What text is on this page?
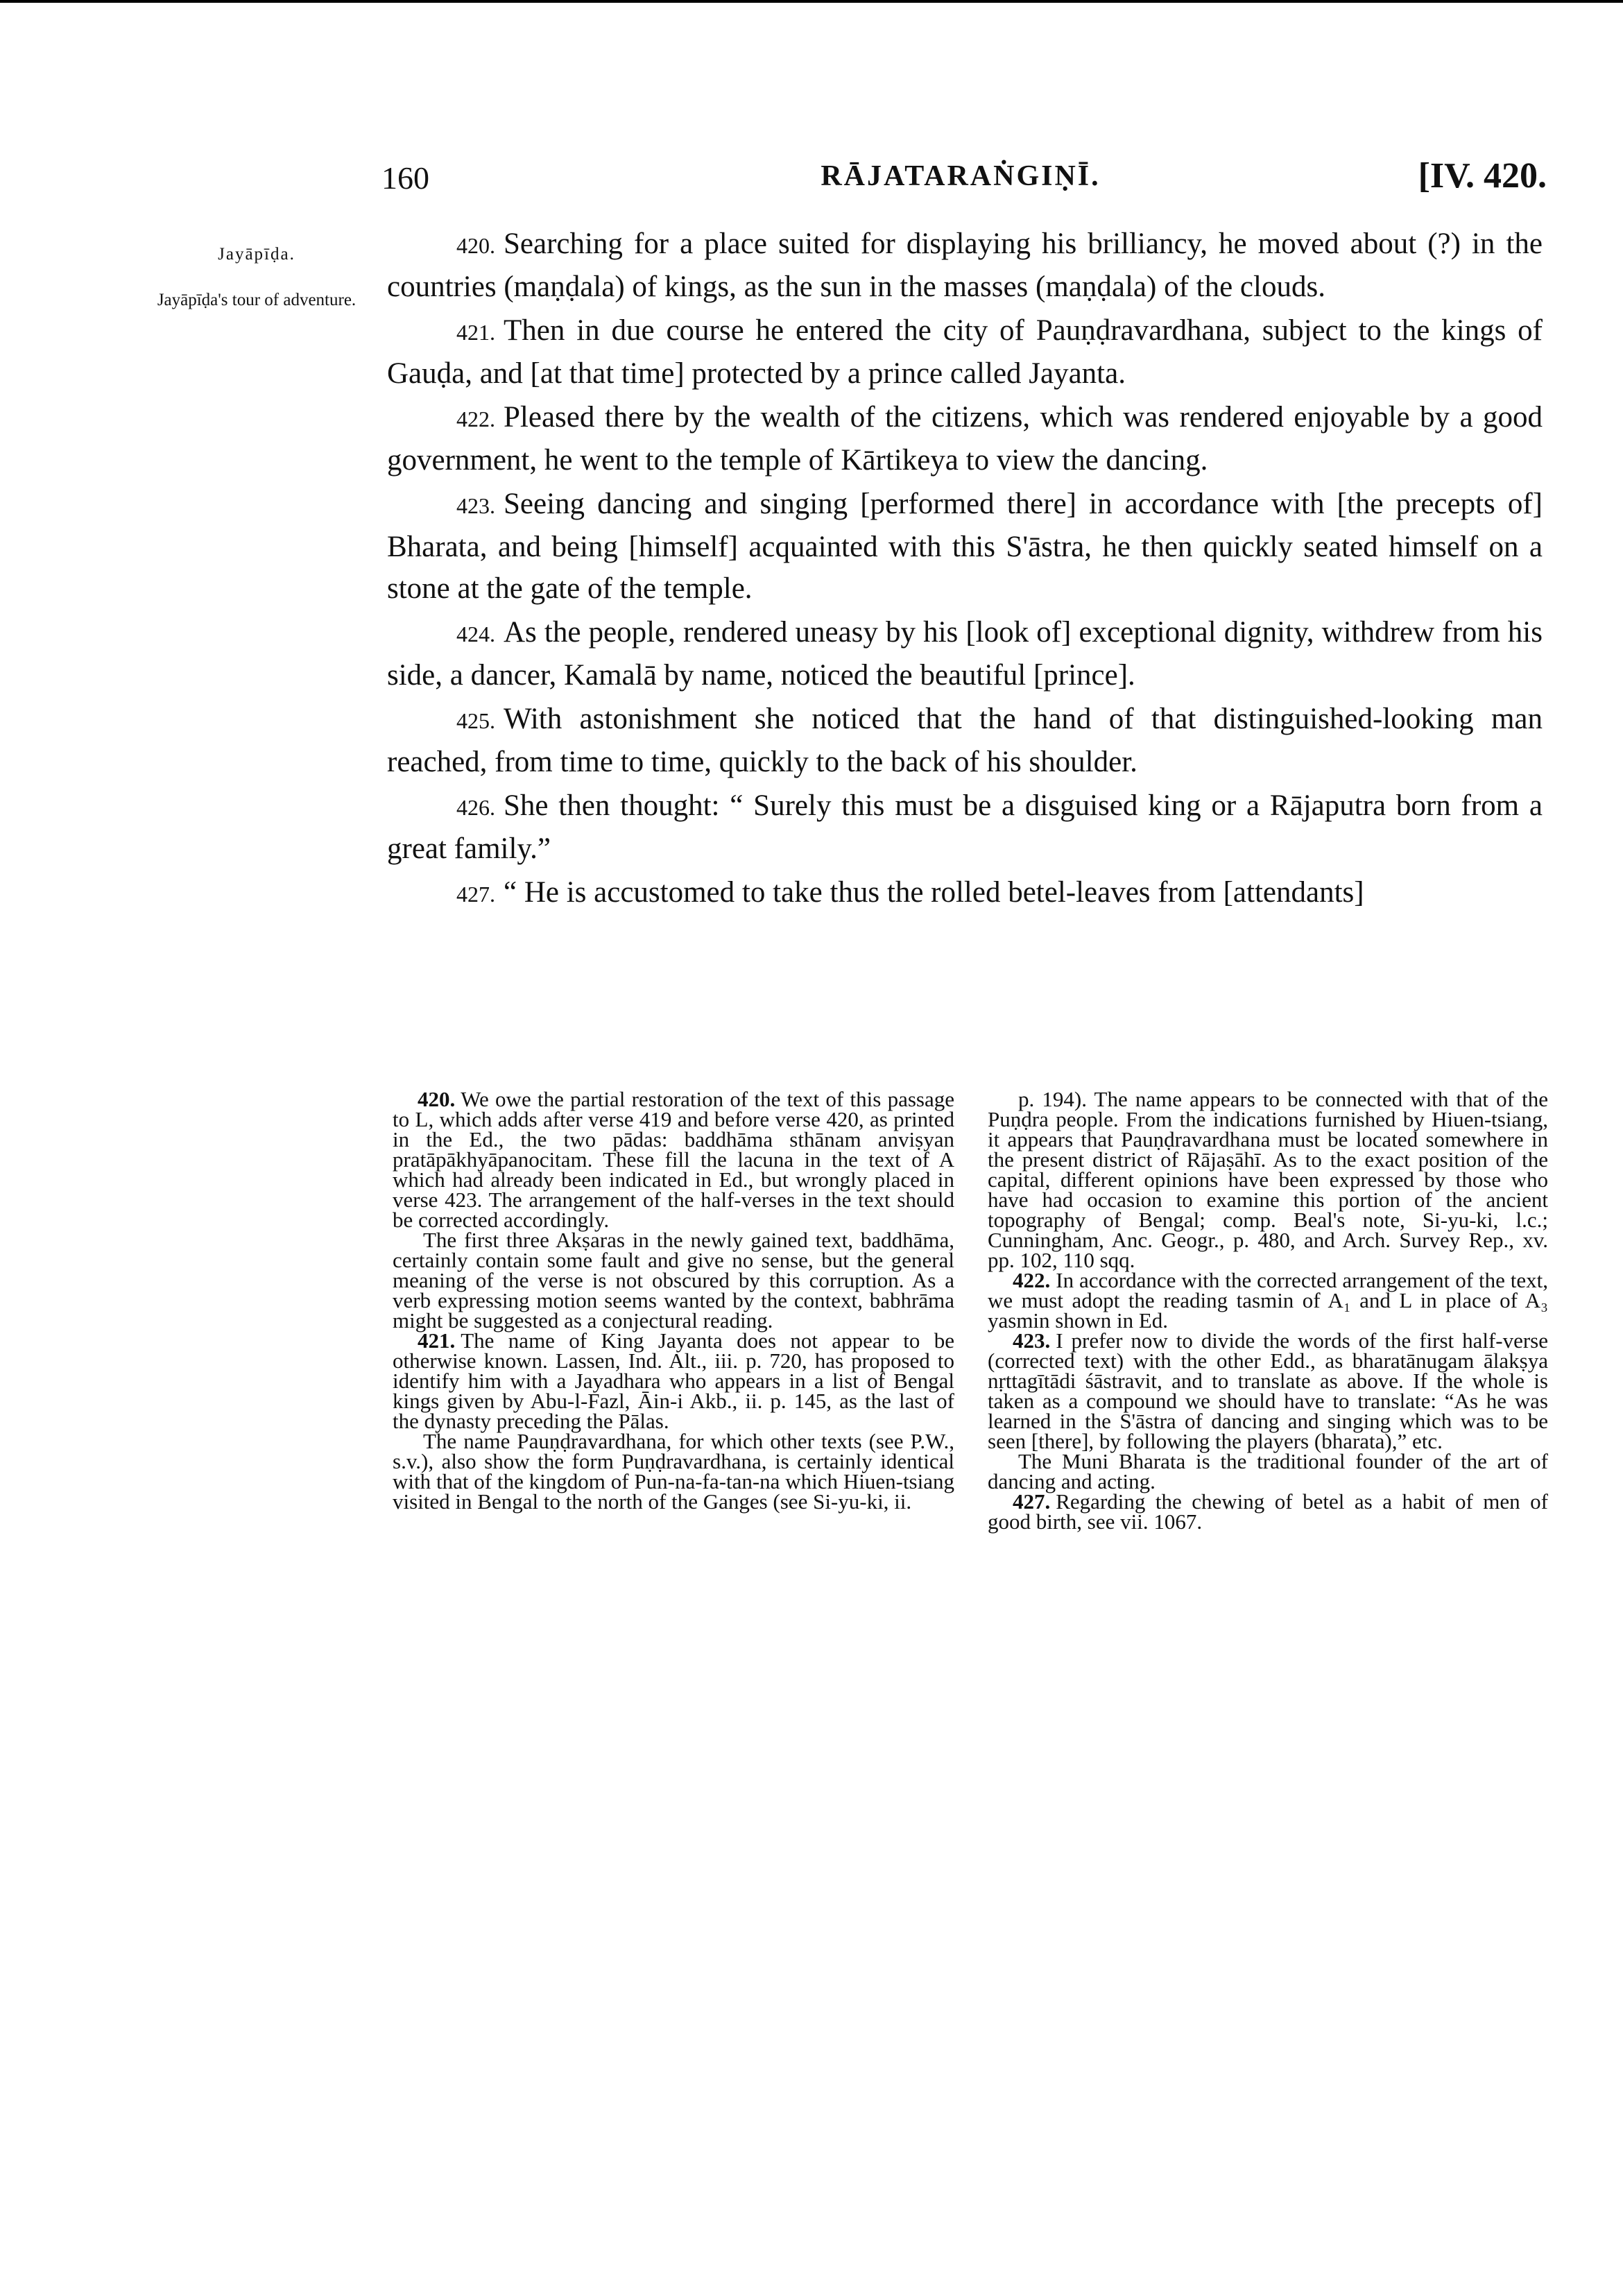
160	RĀJATARAṄGIṆĪ.	[IV. 420.
Jayāpīḍa.
Jayāpīḍa's tour of adventure.

420. Searching for a place suited for displaying his brilliancy, he moved about (?) in the countries (maṇḍala) of kings, as the sun in the masses (maṇḍala) of the clouds.

421. Then in due course he entered the city of Pauṇḍravardhana, subject to the kings of Gauḍa, and [at that time] protected by a prince called Jayanta.

422. Pleased there by the wealth of the citizens, which was rendered enjoyable by a good government, he went to the temple of Kārtikeya to view the dancing.

423. Seeing dancing and singing [performed there] in accordance with [the precepts of] Bharata, and being [himself] acquainted with this S'āstra, he then quickly seated himself on a stone at the gate of the temple.

424. As the people, rendered uneasy by his [look of] exceptional dignity, withdrew from his side, a dancer, Kamalā by name, noticed the beautiful [prince].

425. With astonishment she noticed that the hand of that distinguished-looking man reached, from time to time, quickly to the back of his shoulder.

426. She then thought: “ Surely this must be a disguised king or a Rājaputra born from a great family.”

427. “ He is accustomed to take thus the rolled betel-leaves from [attendants]

420. We owe the partial restoration of the text of this passage to L, which adds after verse 419 and before verse 420, as printed in the Ed., the two pādas: baddhāma sthānam anviṣyan pratāpākhyāpanocitam. These fill the lacuna in the text of A which had already been indicated in Ed., but wrongly placed in verse 423. The arrangement of the half-verses in the text should be corrected accordingly.

The first three Akṣaras in the newly gained text, baddhāma, certainly contain some fault and give no sense, but the general meaning of the verse is not obscured by this corruption. As a verb expressing motion seems wanted by the context, babhrāma might be suggested as a conjectural reading.

421. The name of King Jayanta does not appear to be otherwise known. Lassen, Ind. Alt., iii. p. 720, has proposed to identify him with a Jayadhara who appears in a list of Bengal kings given by Abu-l-Fazl, Āin-i Akb., ii. p. 145, as the last of the dynasty preceding the Pālas.

The name Pauṇḍravardhana, for which other texts (see P.W., s.v.), also show the form Puṇḍravardhana, is certainly identical with that of the kingdom of Pun-na-fa-tan-na which Hiuen-tsiang visited in Bengal to the north of the Ganges (see Si-yu-ki, ii.

p. 194). The name appears to be connected with that of the Puṇḍra people. From the indications furnished by Hiuen-tsiang, it appears that Pauṇḍravardhana must be located somewhere in the present district of Rājaṣāhī. As to the exact position of the capital, different opinions have been expressed by those who have had occasion to examine this portion of the ancient topography of Bengal; comp. Beal's note, Si-yu-ki, l.c.; Cunningham, Anc. Geogr., p. 480, and Arch. Survey Rep., xv. pp. 102, 110 sqq.

422. In accordance with the corrected arrangement of the text, we must adopt the reading tasmin of A₁ and L in place of A₃ yasmin shown in Ed.

423. I prefer now to divide the words of the first half-verse (corrected text) with the other Edd., as bharatānugam ālakṣya nṛttagītādi śāstravit, and to translate as above. If the whole is taken as a compound we should have to translate: “As he was learned in the S'āstra of dancing and singing which was to be seen [there], by following the players (bharata),” etc.

The Muni Bharata is the traditional founder of the art of dancing and acting.

427. Regarding the chewing of betel as a habit of men of good birth, see vii. 1067.
